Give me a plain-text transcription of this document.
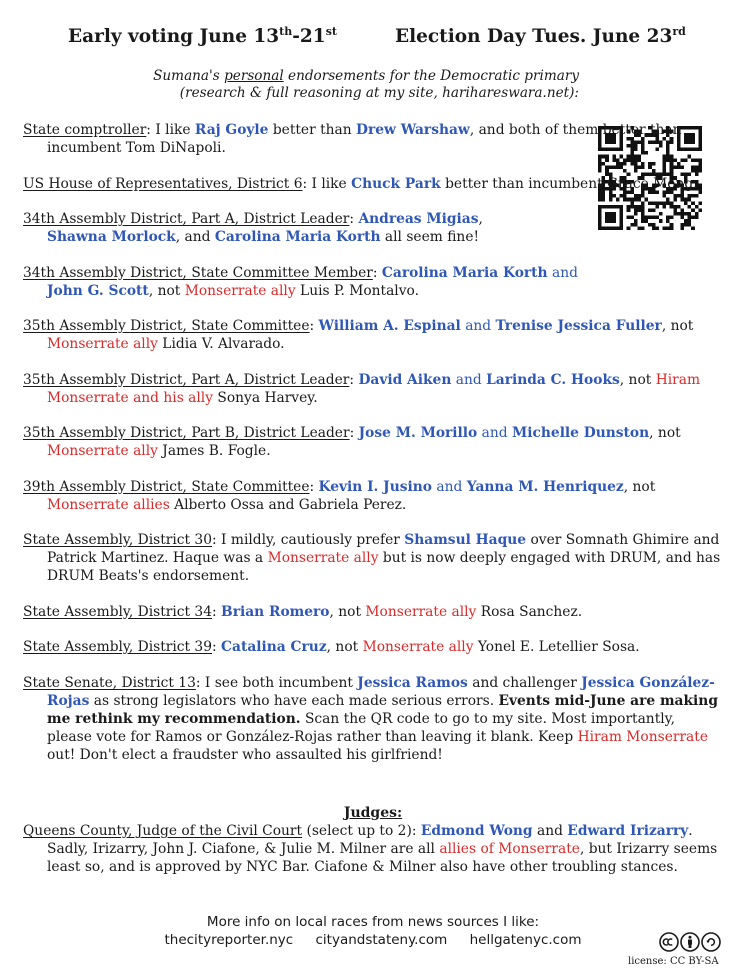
Early voting June 13th-21st	Election Day Tues. June 23rd
Sumana's personal endorsements for the Democratic primary
(research & full reasoning at my site, harihareswara.net):
State comptroller: I like Raj Goyle better than Drew Warshaw, and both of them better than incumbent Tom DiNapoli.
US House of Representatives, District 6: I like Chuck Park better than incumbent Grace Meng.
34th Assembly District, Part A, District Leader: Andreas Migias,
Shawna Morlock, and Carolina Maria Korth all seem fine!
34th Assembly District, State Committee Member: Carolina Maria Korth and
John G. Scott, not Monserrate ally Luis P. Montalvo.
35th Assembly District, State Committee: William A. Espinal and Trenise Jessica Fuller, not Monserrate ally Lidia V. Alvarado.
35th Assembly District, Part A, District Leader: David Aiken and Larinda C. Hooks, not Hiram Monserrate and his ally Sonya Harvey.
35th Assembly District, Part B, District Leader: Jose M. Morillo and Michelle Dunston, not Monserrate ally James B. Fogle.
39th Assembly District, State Committee: Kevin I. Jusino and Yanna M. Henriquez, not Monserrate allies Alberto Ossa and Gabriela Perez.
State Assembly, District 30: I mildly, cautiously prefer Shamsul Haque over Somnath Ghimire and Patrick Martinez. Haque was a Monserrate ally but is now deeply engaged with DRUM, and has DRUM Beats's endorsement.
State Assembly, District 34: Brian Romero, not Monserrate ally Rosa Sanchez.
State Assembly, District 39: Catalina Cruz, not Monserrate ally Yonel E. Letellier Sosa.
State Senate, District 13: I see both incumbent Jessica Ramos and challenger Jessica González-Rojas as strong legislators who have each made serious errors. Events mid-June are making me rethink my recommendation. Scan the QR code to go to my site. Most importantly, please vote for Ramos or González-Rojas rather than leaving it blank. Keep Hiram Monserrate out! Don't elect a fraudster who assaulted his girlfriend!
Judges:
Queens County, Judge of the Civil Court (select up to 2): Edmond Wong and Edward Irizarry. Sadly, Irizarry, John J. Ciafone, & Julie M. Milner are all allies of Monserrate, but Irizarry seems least so, and is approved by NYC Bar. Ciafone & Milner also have other troubling stances.
More info on local races from news sources I like:
thecityreporter.nyc cityandstateny.com hellgatenyc.com
license: CC BY-SA
